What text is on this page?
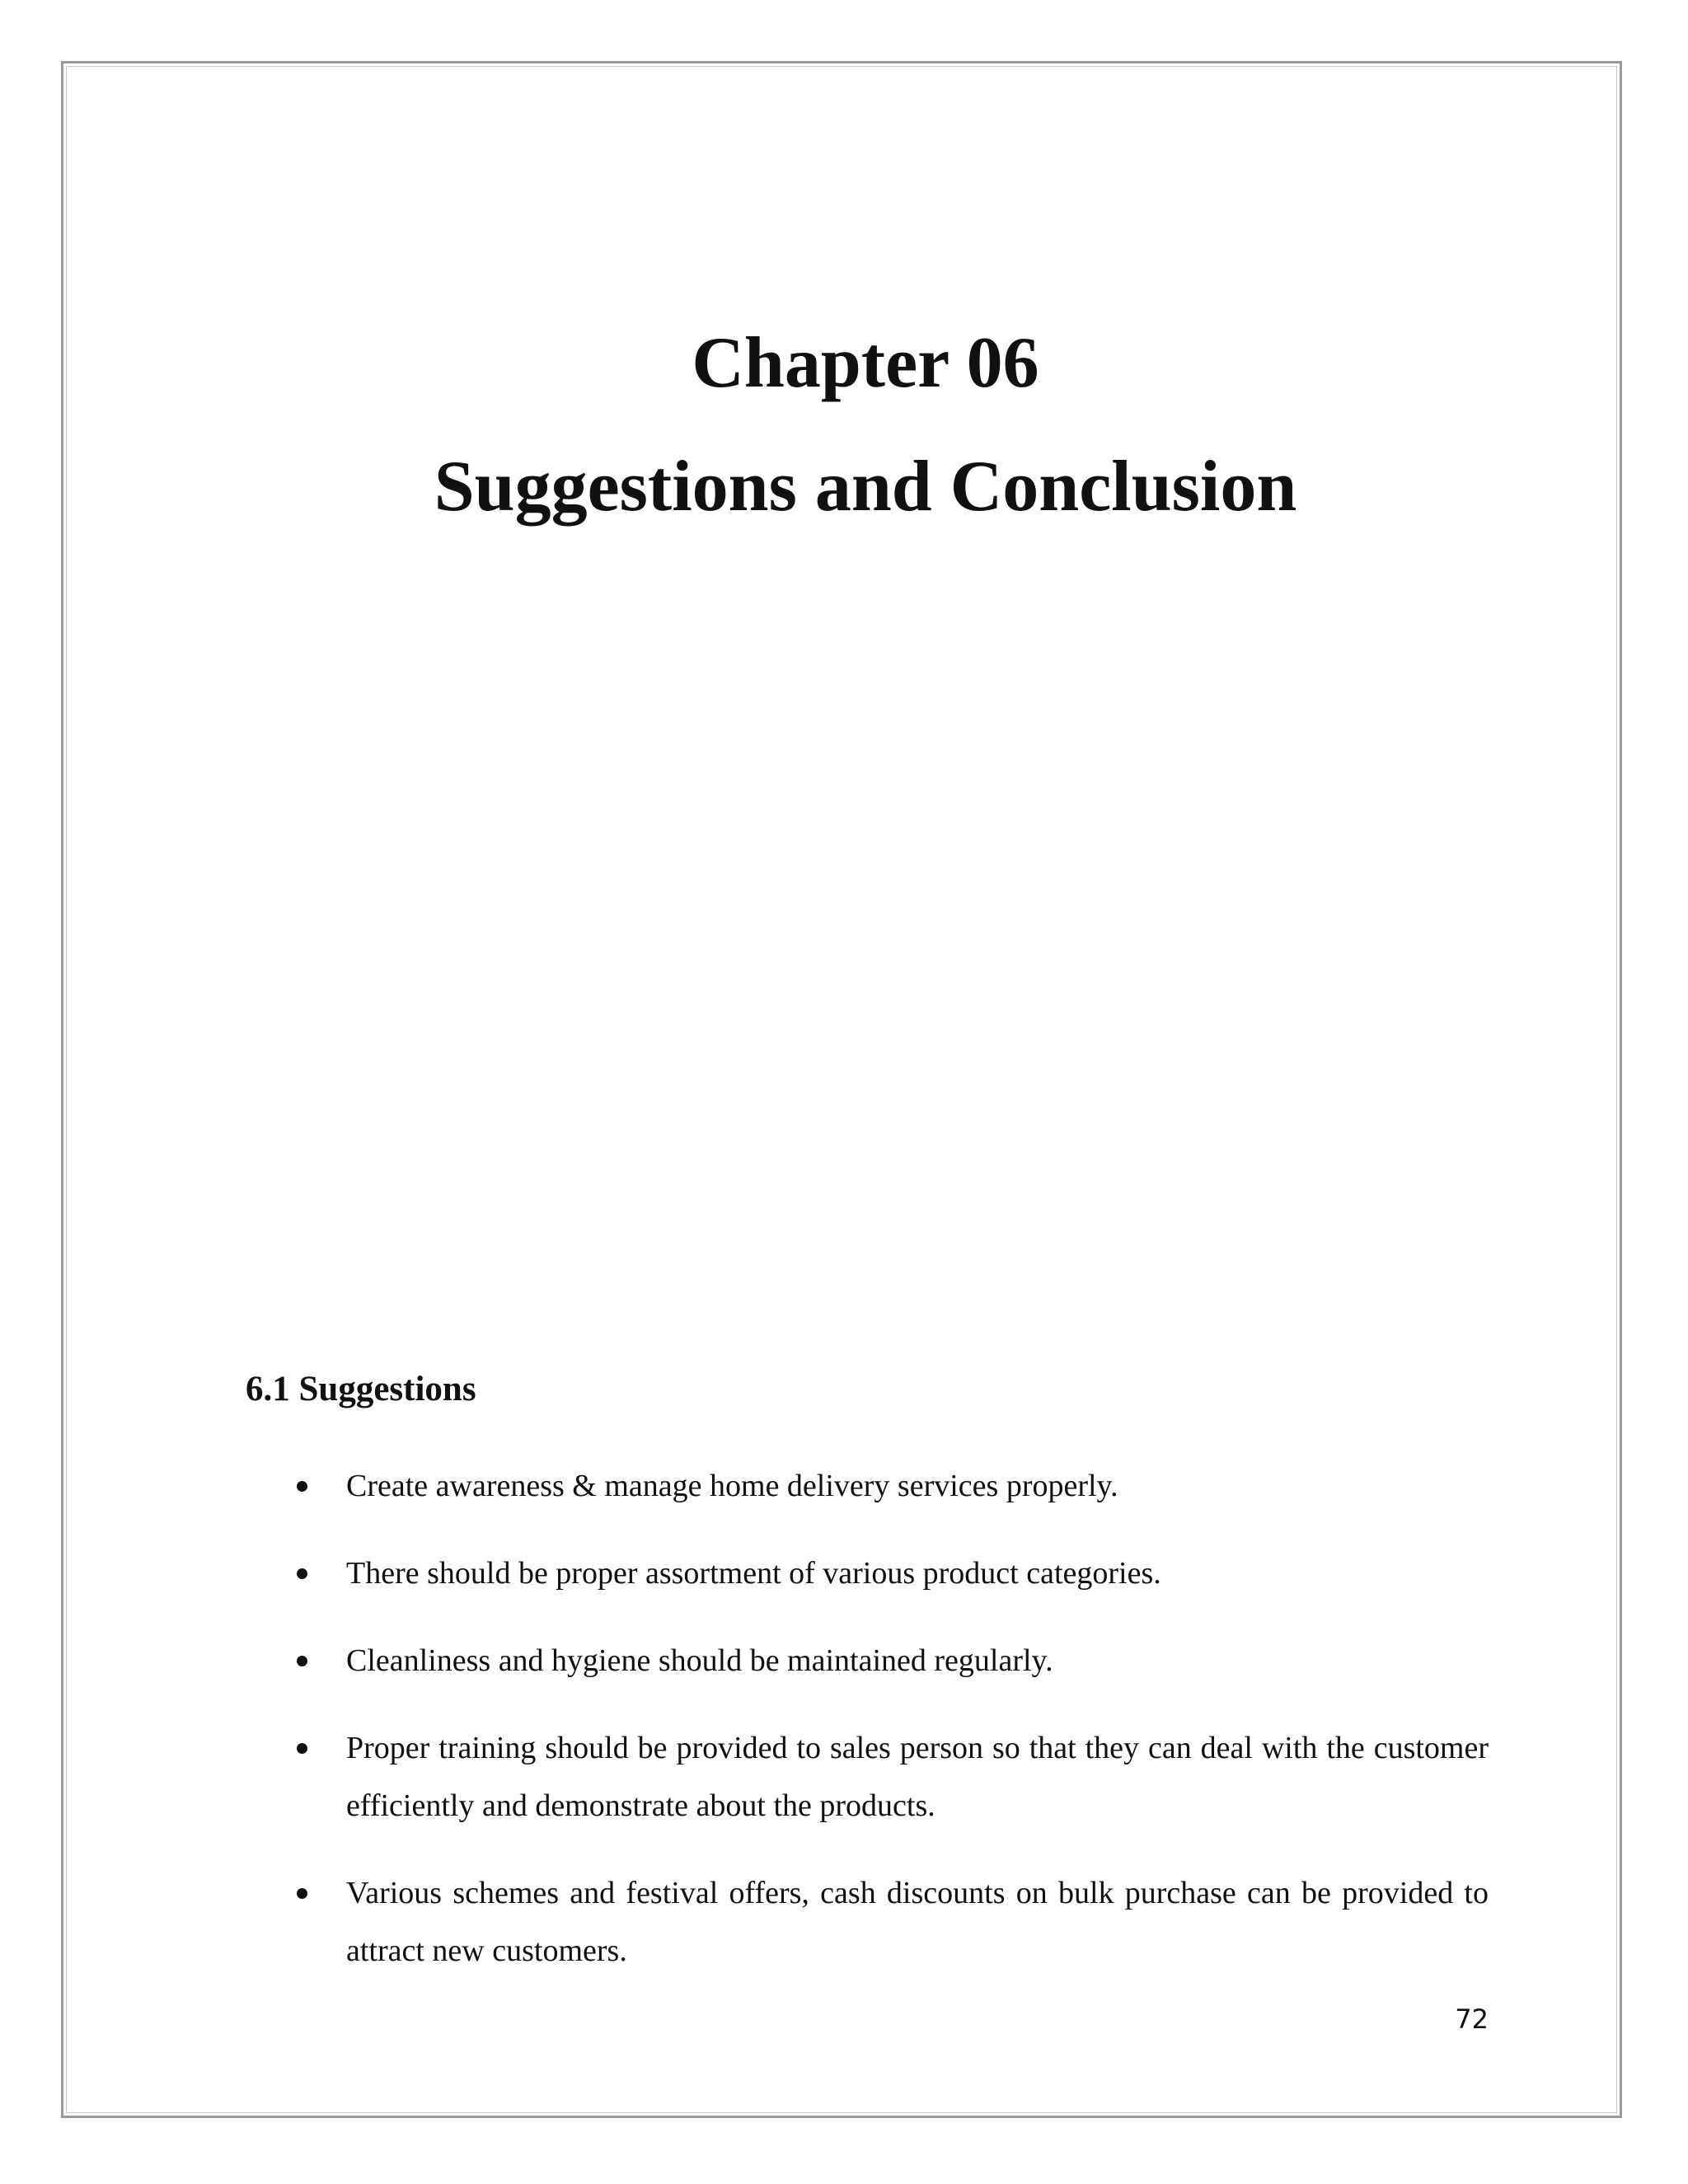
Chapter 06
Suggestions and Conclusion
6.1 Suggestions
Create awareness & manage home delivery services properly.
There should be proper assortment of various product categories.
Cleanliness and hygiene should be maintained regularly.
Proper training should be provided to sales person so that they can deal with the customer efficiently and demonstrate about the products.
Various schemes and festival offers, cash discounts on bulk purchase can be provided to attract new customers.
72
